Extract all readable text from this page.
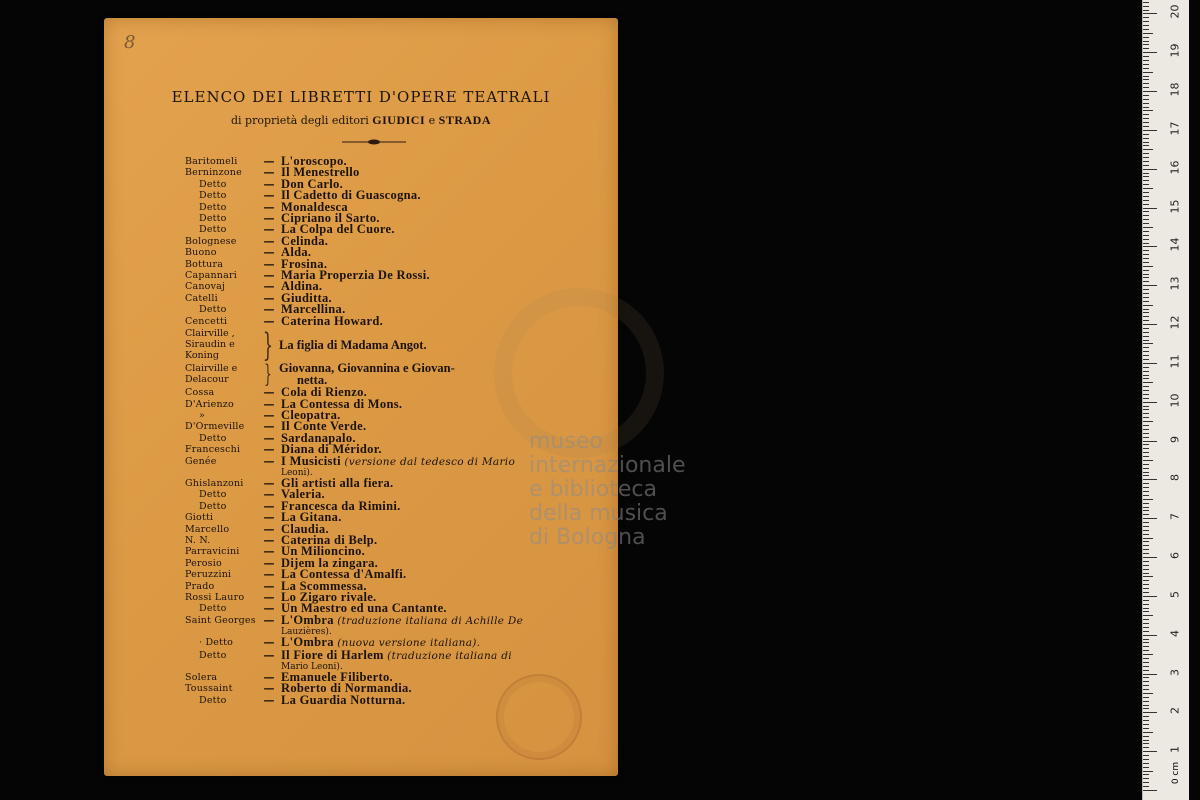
8
ELENCO DEI LIBRETTI D'OPERE TEATRALI
di proprietà degli editori GIUDICI e STRADA
Baritomeli	— L'oroscopo.
Berninzone	— Il Menestrello
Detto	— Don Carlo.
Detto	— Il Cadetto di Guascogna.
Detto	— Monaldesca
Detto	— Cipriano il Sarto.
Detto	— La Colpa del Cuore.
Bolognese	— Celinda.
Buono	— Alda.
Bottura	— Frosina.
Capannari	— Maria Properzia De Rossi.
Canovaj	— Aldina.
Catelli	— Giuditta.
Detto	— Marcellina.
Cencetti	— Caterina Howard.
Clairville ,
Siraudin e
Koning	} La figlia di Madama Angot.
Clairville e
Delacour	} Giovanna, Giovannina e Giovan-
netta.
Cossa	— Cola di Rienzo.
D'Arienzo	— La Contessa di Mons.
»	— Cleopatra.
D'Ormeville	— Il Conte Verde.
Detto	— Sardanapalo.
Franceschi	— Diana di Méridor.
Genée	— I Musicisti (versione dal tedesco di Mario
Leoni).
Ghislanzoni	— Gli artisti alla fiera.
Detto	— Valeria.
Detto	— Francesca da Rimini.
Giotti	— La Gitana.
Marcello	— Claudia.
N. N.	— Caterina di Belp.
Parravicini	— Un Milioncino.
Perosio	— Dijem la zingara.
Peruzzini	— La Contessa d'Amalfi.
Prado	— La Scommessa.
Rossi Lauro	— Lo Zigaro rivale.
Detto	— Un Maestro ed una Cantante.
Saint Georges — L'Ombra (traduzione italiana di Achille De
Lauzières).
· Detto	— L'Ombra (nuova versione italiana).
Detto	— Il Fiore di Harlem (traduzione italiana di
Mario Leoni).
Solera	— Emanuele Filiberto.
Toussaint	— Roberto di Normandia.
Detto	— La Guardia Notturna.
museo internazionale
e biblioteca della musica
di Bologna
20
19
18
17
16
15
14
13
12
11
10
9
8
7
6
5
4
3
2
1
0 cm
